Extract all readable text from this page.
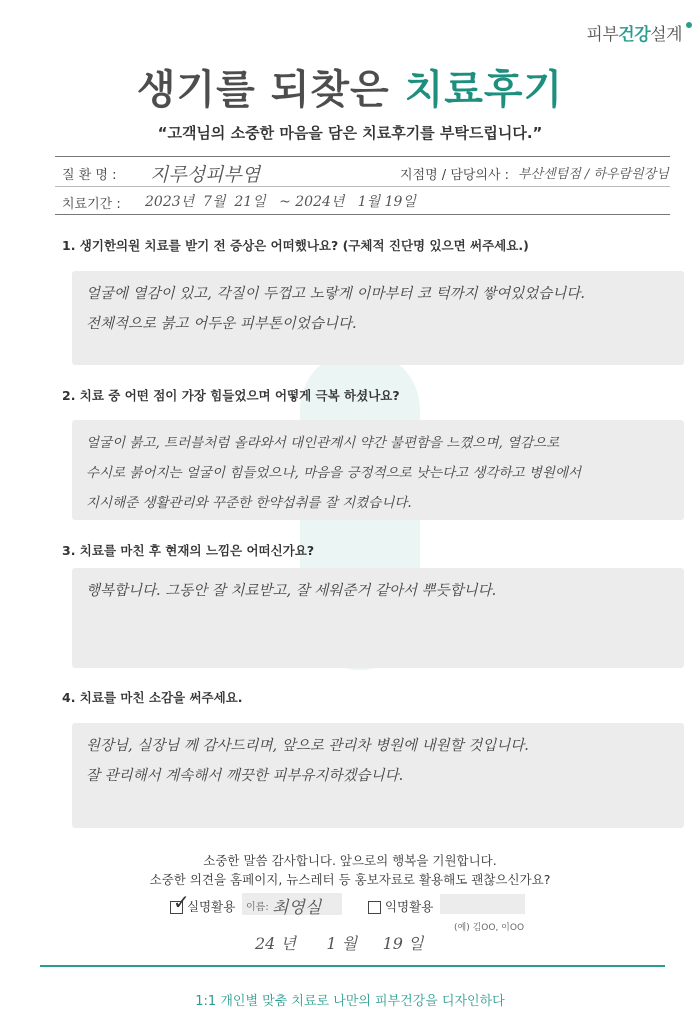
피부건강설계
생기를 되찾은 치료후기
“고객님의 소중한 마음을 담은 치료후기를 부탁드립니다.”
질 환 명 : 지루성피부염	지점명 / 담당의사 : 부산센텀점 / 하우람원장님
치료기간 : 2023년  7월  21일   ~ 2024년   1월 19일
1. 생기한의원 치료를 받기 전 증상은 어떠했나요? (구체적 진단명 있으면 써주세요.)
얼굴에 열감이 있고, 각질이 두껍고 노랗게 이마부터 코 턱까지 쌓여있었습니다.
전체적으로 붉고 어두운 피부톤이었습니다.
2. 치료 중 어떤 점이 가장 힘들었으며 어떻게 극복 하셨나요?
얼굴이 붉고, 트러블처럼 올라와서 대인관계시 약간 불편함을 느꼈으며, 열감으로
수시로 붉어지는 얼굴이 힘들었으나, 마음을 긍정적으로 낫는다고 생각하고 병원에서
지시해준 생활관리와 꾸준한 한약섭취를 잘 지켰습니다.
3. 치료를 마친 후 현재의 느낌은 어떠신가요?
행복합니다. 그동안 잘 치료받고, 잘 세워준거 같아서 뿌듯합니다.
4. 치료를 마친 소감을 써주세요.
원장님, 실장님 께 감사드리며, 앞으로 관리차 병원에 내원할 것입니다.
잘 관리해서 계속해서 깨끗한 피부유지하겠습니다.
소중한 말씀 감사합니다. 앞으로의 행복을 기원합니다.
소중한 의견을 홈페이지, 뉴스레터 등 홍보자료로 활용해도 괜찮으신가요?
실명활용
✓	이름: 최영실	익명활용
(예) 김OO, 이OO
24 년      1 월     19 일
1:1 개인별 맞춤 치료로 나만의 피부건강을 디자인하다
